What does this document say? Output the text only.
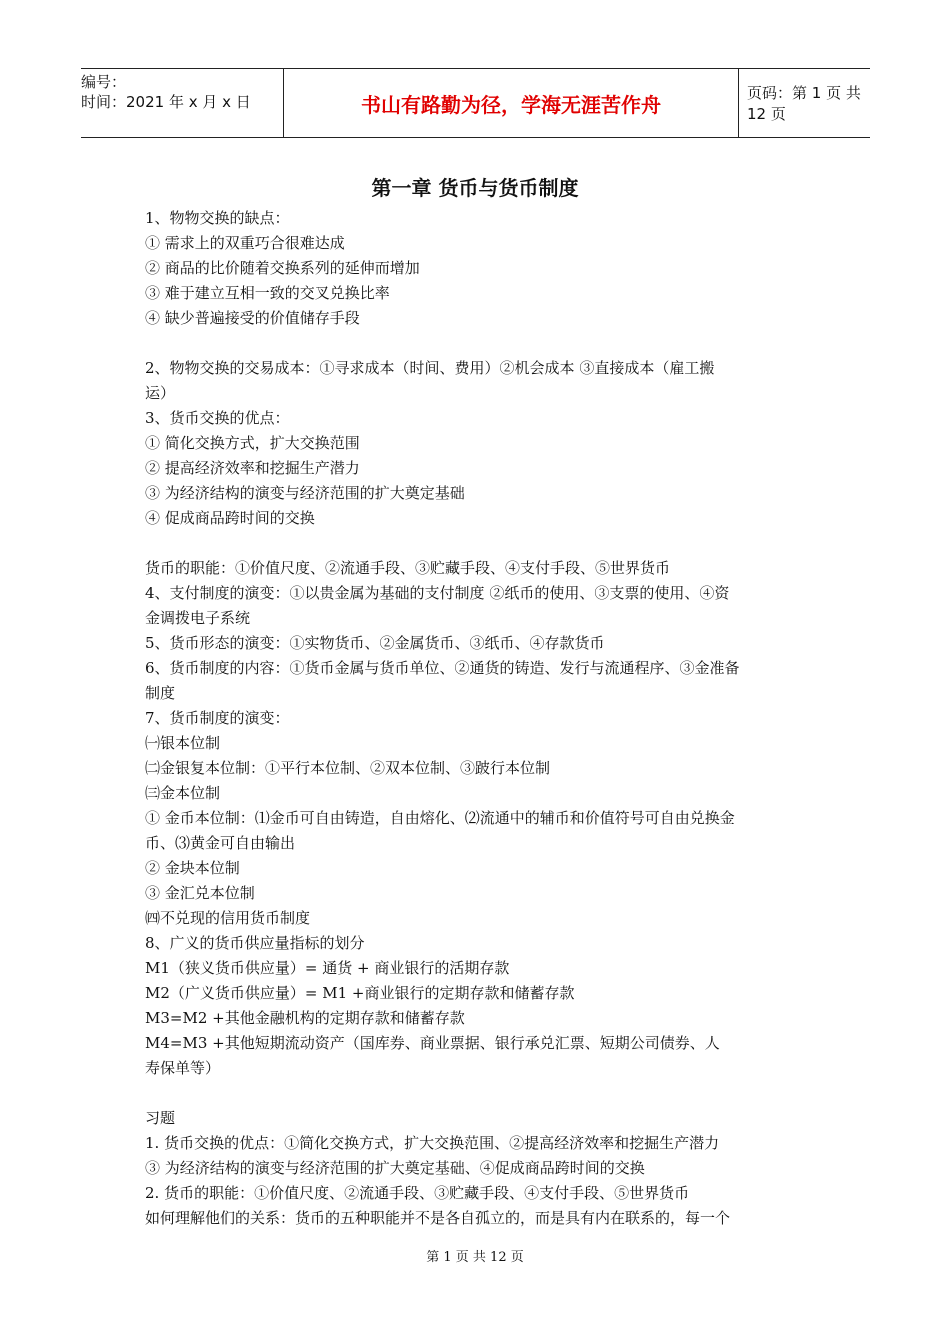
编号：
时间：2021 年 x 月 x 日	书山有路勤为径，学海无涯苦作舟	页码：第 1 页 共 12 页
第一章 货币与货币制度
1、物物交换的缺点：
① 需求上的双重巧合很难达成
② 商品的比价随着交换系列的延伸而增加
③ 难于建立互相一致的交叉兑换比率
④ 缺少普遍接受的价值储存手段
2、物物交换的交易成本：①寻求成本（时间、费用）②机会成本 ③直接成本（雇工搬
运）
3、货币交换的优点：
① 简化交换方式，扩大交换范围
② 提高经济效率和挖掘生产潜力
③ 为经济结构的演变与经济范围的扩大奠定基础
④ 促成商品跨时间的交换
货币的职能：①价值尺度、②流通手段、③贮藏手段、④支付手段、⑤世界货币
4、支付制度的演变：①以贵金属为基础的支付制度 ②纸币的使用、③支票的使用、④资
金调拨电子系统
5、货币形态的演变：①实物货币、②金属货币、③纸币、④存款货币
6、货币制度的内容：①货币金属与货币单位、②通货的铸造、发行与流通程序、③金准备
制度
7、货币制度的演变：
㈠银本位制
㈡金银复本位制：①平行本位制、②双本位制、③跛行本位制
㈢金本位制
① 金币本位制：⑴金币可自由铸造，自由熔化、⑵流通中的辅币和价值符号可自由兑换金
币、⑶黄金可自由输出
② 金块本位制
③ 金汇兑本位制
㈣不兑现的信用货币制度
8、广义的货币供应量指标的划分
M1（狭义货币供应量）= 通货 + 商业银行的活期存款
M2（广义货币供应量）= M1 +商业银行的定期存款和储蓄存款
M3=M2 +其他金融机构的定期存款和储蓄存款
M4=M3 +其他短期流动资产（国库券、商业票据、银行承兑汇票、短期公司债券、人
寿保单等）
习题
1. 货币交换的优点：①简化交换方式，扩大交换范围、②提高经济效率和挖掘生产潜力
③ 为经济结构的演变与经济范围的扩大奠定基础、④促成商品跨时间的交换
2. 货币的职能：①价值尺度、②流通手段、③贮藏手段、④支付手段、⑤世界货币
如何理解他们的关系：货币的五种职能并不是各自孤立的，而是具有内在联系的，每一个
第 1 页 共 12 页
